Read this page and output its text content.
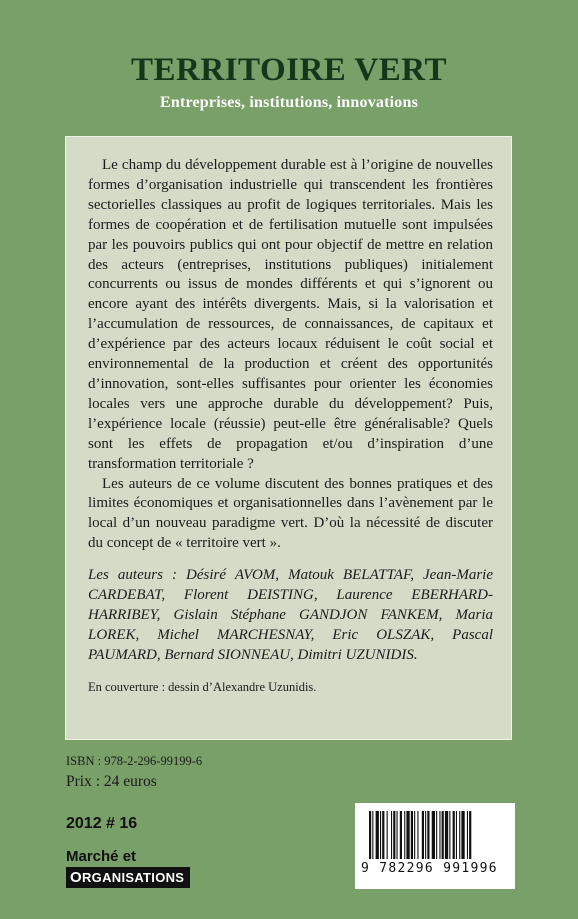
TERRITOIRE VERT
Entreprises, institutions, innovations

Le champ du développement durable est à l’origine de nouvelles formes d’organisation industrielle qui transcendent les frontières sectorielles classiques au profit de logiques territoriales. Mais les formes de coopération et de fertilisation mutuelle sont impulsées par les pouvoirs publics qui ont pour objectif de mettre en relation des acteurs (entreprises, institutions publiques) initialement concurrents ou issus de mondes différents et qui s’ignorent ou encore ayant des intérêts divergents. Mais, si la valorisation et l’accumulation de ressources, de connaissances, de capitaux et d’expérience par des acteurs locaux réduisent le coût social et environnemental de la production et créent des opportunités d’innovation, sont-elles suffisantes pour orienter les économies locales vers une approche durable du développement? Puis, l’expérience locale (réussie) peut-elle être généralisable? Quels sont les effets de propagation et/ou d’inspiration d’une transformation territoriale ?

Les auteurs de ce volume discutent des bonnes pratiques et des limites économiques et organisationnelles dans l’avènement par le local d’un nouveau paradigme vert. D’où la nécessité de discuter du concept de « territoire vert ».

Les auteurs : Désiré AVOM, Matouk BELATTAF, Jean-Marie CARDEBAT, Florent DEISTING, Laurence EBERHARD-HARRIBEY, Gislain Stéphane GANDJON FANKEM, Maria LOREK, Michel MARCHESNAY, Eric OLSZAK, Pascal PAUMARD, Bernard SIONNEAU, Dimitri UZUNIDIS.

En couverture : dessin d’Alexandre Uzunidis.

ISBN : 978-2-296-99199-6
Prix : 24 euros
2012 # 16
Marché et
ORGANISATIONS
9 782296 991996
